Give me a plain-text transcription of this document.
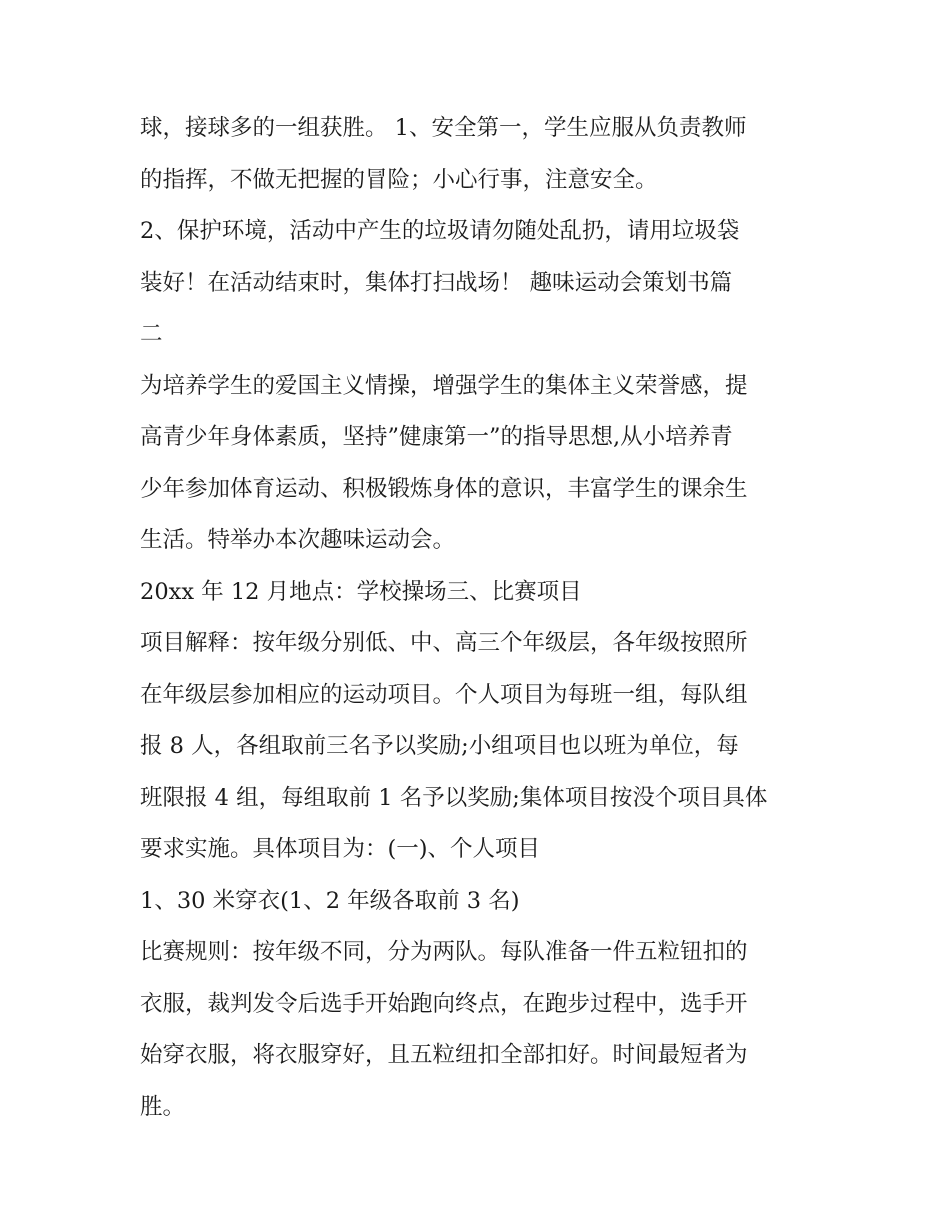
球，接球多的一组获胜。 1、安全第一，学生应服从负责教师
的指挥，不做无把握的冒险；小心行事，注意安全。
2、保护环境，活动中产生的垃圾请勿随处乱扔，请用垃圾袋
装好！在活动结束时，集体打扫战场！ 趣味运动会策划书篇
二
为培养学生的爱国主义情操，增强学生的集体主义荣誉感，提
高青少年身体素质，坚持”健康第一”的指导思想,从小培养青
少年参加体育运动、积极锻炼身体的意识，丰富学生的课余生
生活。特举办本次趣味运动会。
20xx 年 12 月地点：学校操场三、比赛项目
项目解释：按年级分别低、中、高三个年级层，各年级按照所
在年级层参加相应的运动项目。个人项目为每班一组，每队组
报 8 人，各组取前三名予以奖励;小组项目也以班为单位，每
班限报 4 组，每组取前 1 名予以奖励;集体项目按没个项目具体
要求实施。具体项目为：(一)、个人项目
1、30 米穿衣(1、2 年级各取前 3 名)
比赛规则：按年级不同，分为两队。每队准备一件五粒钮扣的
衣服，裁判发令后选手开始跑向终点，在跑步过程中，选手开
始穿衣服，将衣服穿好，且五粒纽扣全部扣好。时间最短者为
胜。
